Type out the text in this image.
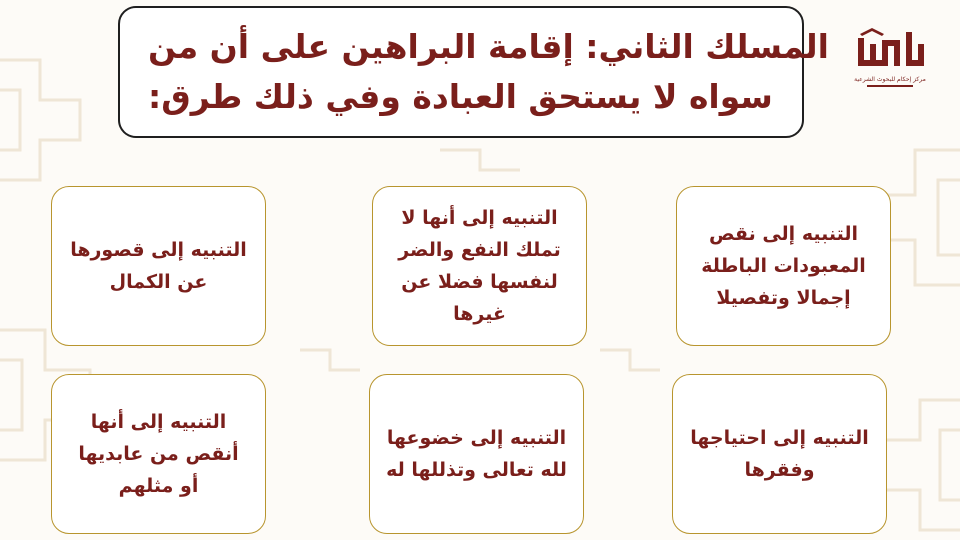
المسلك الثاني: إقامة البراهين على أن من
سواه لا يستحق العبادة وفي ذلك طرق:	مركز إحكام للبحوث الشرعية
التنبيه إلى نقص
المعبودات الباطلة
إجمالا وتفصيلا
التنبيه إلى أنها لا
تملك النفع والضر
لنفسها فضلا عن
غيرها
التنبيه إلى قصورها
عن الكمال
التنبيه إلى احتياجها
وفقرها
التنبيه إلى خضوعها
لله تعالى وتذللها له
التنبيه إلى أنها
أنقص من عابديها
أو مثلهم
